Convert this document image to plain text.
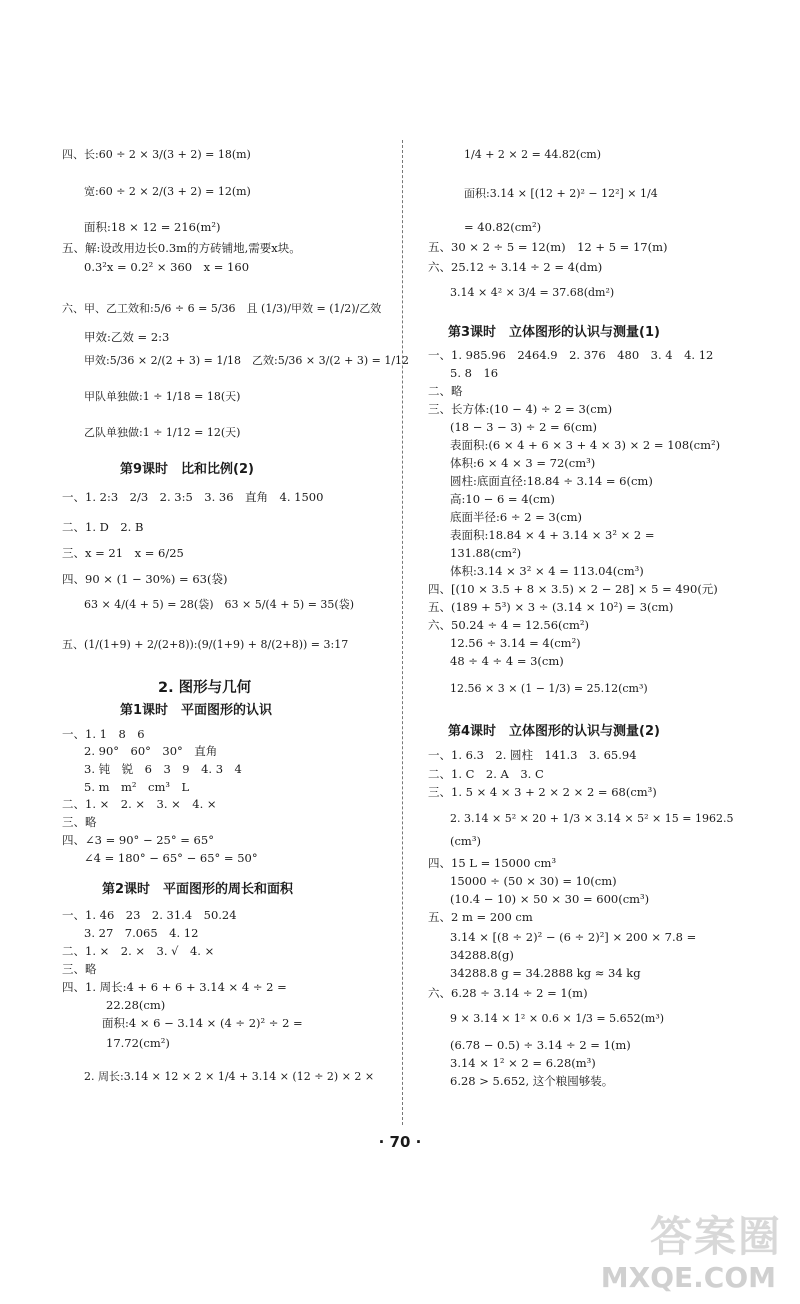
四、长:60 ÷ 2 × 3/(3 + 2) = 18(m)
宽:60 ÷ 2 × 2/(3 + 2) = 12(m)
面积:18 × 12 = 216(m²)
五、解:设改用边长0.3m的方砖铺地,需要x块。
0.3²x = 0.2² × 360　x = 160
六、甲、乙工效和:5/6 ÷ 6 = 5/36　且 (1/3)/甲效 = (1/2)/乙效
甲效:乙效 = 2:3
甲效:5/36 × 2/(2 + 3) = 1/18　乙效:5/36 × 3/(2 + 3) = 1/12
甲队单独做:1 ÷ 1/18 = 18(天)
乙队单独做:1 ÷ 1/12 = 12(天)
第9课时　比和比例(2)
一、1. 2:3　2/3　2. 3:5　3. 36　直角　4. 1500
二、1. D　2. B
三、x = 21　x = 6/25
四、90 × (1 − 30%) = 63(袋)
63 × 4/(4 + 5) = 28(袋)　63 × 5/(4 + 5) = 35(袋)
五、(1/(1+9) + 2/(2+8)):(9/(1+9) + 8/(2+8)) = 3:17
2. 图形与几何
第1课时　平面图形的认识
一、1. 1　8　6
2. 90°　60°　30°　直角
3. 钝　锐　6　3　9　4. 3　4
5. m　m²　cm³　L
二、1. ×　2. ×　3. ×　4. ×
三、略
四、∠3 = 90° − 25° = 65°
∠4 = 180° − 65° − 65° = 50°
第2课时　平面图形的周长和面积
一、1. 46　23　2. 31.4　50.24
3. 27　7.065　4. 12
二、1. ×　2. ×　3. √　4. ×
三、略
四、1. 周长:4 + 6 + 6 + 3.14 × 4 ÷ 2 =
22.28(cm)
面积:4 × 6 − 3.14 × (4 ÷ 2)² ÷ 2 =
17.72(cm²)
2. 周长:3.14 × 12 × 2 × 1/4 + 3.14 × (12 ÷ 2) × 2 ×
1/4 + 2 × 2 = 44.82(cm)
面积:3.14 × [(12 + 2)² − 12²] × 1/4
= 40.82(cm²)
五、30 × 2 ÷ 5 = 12(m)　12 + 5 = 17(m)
六、25.12 ÷ 3.14 ÷ 2 = 4(dm)
3.14 × 4² × 3/4 = 37.68(dm²)
第3课时　立体图形的认识与测量(1)
一、1. 985.96　2464.9　2. 376　480　3. 4　4. 12
5. 8　16
二、略
三、长方体:(10 − 4) ÷ 2 = 3(cm)
(18 − 3 − 3) ÷ 2 = 6(cm)
表面积:(6 × 4 + 6 × 3 + 4 × 3) × 2 = 108(cm²)
体积:6 × 4 × 3 = 72(cm³)
圆柱:底面直径:18.84 ÷ 3.14 = 6(cm)
高:10 − 6 = 4(cm)
底面半径:6 ÷ 2 = 3(cm)
表面积:18.84 × 4 + 3.14 × 3² × 2 =
131.88(cm²)
体积:3.14 × 3² × 4 = 113.04(cm³)
四、[(10 × 3.5 + 8 × 3.5) × 2 − 28] × 5 = 490(元)
五、(189 + 5³) × 3 ÷ (3.14 × 10²) = 3(cm)
六、50.24 ÷ 4 = 12.56(cm²)
12.56 ÷ 3.14 = 4(cm²)
48 ÷ 4 ÷ 4 = 3(cm)
12.56 × 3 × (1 − 1/3) = 25.12(cm³)
第4课时　立体图形的认识与测量(2)
一、1. 6.3　2. 圆柱　141.3　3. 65.94
二、1. C　2. A　3. C
三、1. 5 × 4 × 3 + 2 × 2 × 2 = 68(cm³)
2. 3.14 × 5² × 20 + 1/3 × 3.14 × 5² × 15 = 1962.5
(cm³)
四、15 L = 15000 cm³
15000 ÷ (50 × 30) = 10(cm)
(10.4 − 10) × 50 × 30 = 600(cm³)
五、2 m = 200 cm
3.14 × [(8 ÷ 2)² − (6 ÷ 2)²] × 200 × 7.8 =
34288.8(g)
34288.8 g = 34.2888 kg ≈ 34 kg
六、6.28 ÷ 3.14 ÷ 2 = 1(m)
9 × 3.14 × 1² × 0.6 × 1/3 = 5.652(m³)
(6.78 − 0.5) ÷ 3.14 ÷ 2 = 1(m)
3.14 × 1² × 2 = 6.28(m³)
6.28 > 5.652, 这个粮囤够装。
· 70 ·
答案圈
MXQE.COM
